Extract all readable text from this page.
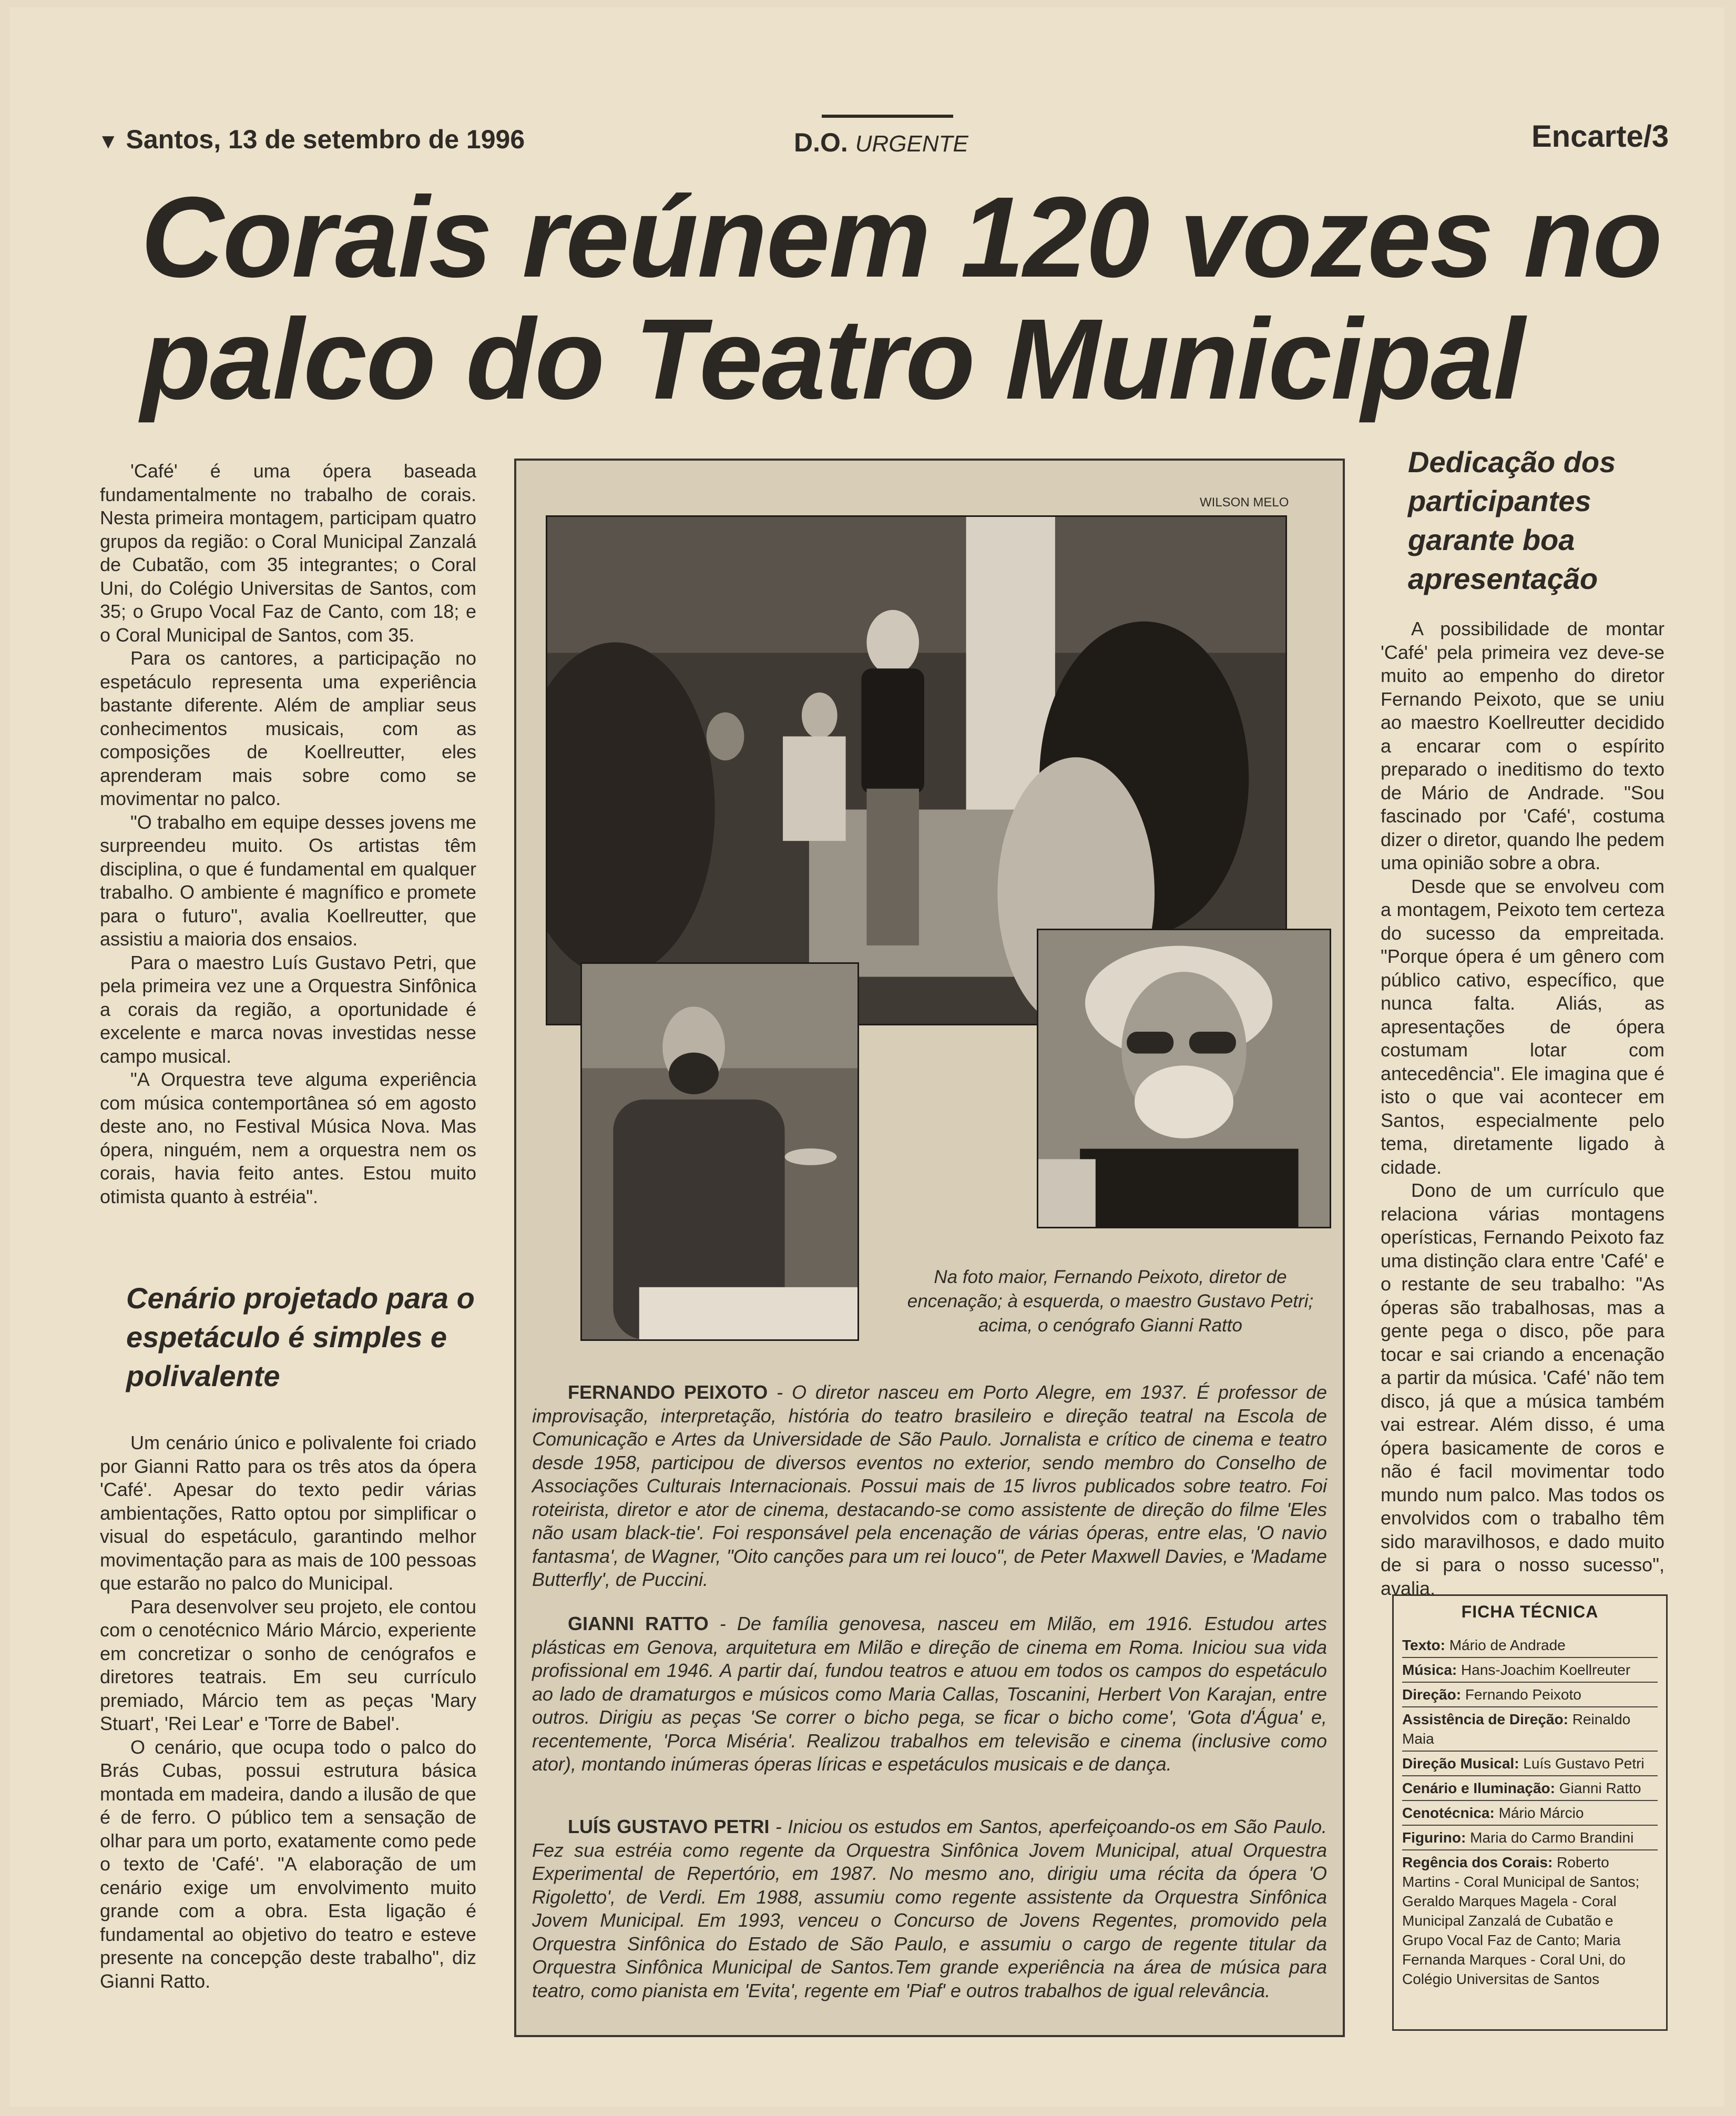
▼ Santos, 13 de setembro de 1996	D.O. URGENTE	Encarte/3
Corais reúnem 120 vozes no
palco do Teatro Municipal

'Café' é uma ópera baseada fundamentalmente no trabalho de corais. Nesta primeira montagem, participam quatro grupos da região: o Coral Municipal Zanzalá de Cubatão, com 35 integrantes; o Coral Uni, do Colégio Universitas de Santos, com 35; o Grupo Vocal Faz de Canto, com 18; e o Coral Municipal de Santos, com 35.

Para os cantores, a participação no espetáculo representa uma experiência bastante diferente. Além de ampliar seus conhecimentos musicais, com as composições de Koellreutter, eles aprenderam mais sobre como se movimentar no palco.

"O trabalho em equipe desses jovens me surpreendeu muito. Os artistas têm disciplina, o que é fundamental em qualquer trabalho. O ambiente é magnífico e promete para o futuro", avalia Koellreutter, que assistiu a maioria dos ensaios.

Para o maestro Luís Gustavo Petri, que pela primeira vez une a Orquestra Sinfônica a corais da região, a oportunidade é excelente e marca novas investidas nesse campo musical.

"A Orquestra teve alguma experiência com música contemportânea só em agosto deste ano, no Festival Música Nova. Mas ópera, ninguém, nem a orquestra nem os corais, havia feito antes. Estou muito otimista quanto à estréia".

Cenário projetado para o espetáculo é simples e polivalente

Um cenário único e polivalente foi criado por Gianni Ratto para os três atos da ópera 'Café'. Apesar do texto pedir várias ambientações, Ratto optou por simplificar o visual do espetáculo, garantindo melhor movimentação para as mais de 100 pessoas que estarão no palco do Municipal.

Para desenvolver seu projeto, ele contou com o cenotécnico Mário Márcio, experiente em concretizar o sonho de cenógrafos e diretores teatrais. Em seu currículo premiado, Márcio tem as peças 'Mary Stuart', 'Rei Lear' e 'Torre de Babel'.

O cenário, que ocupa todo o palco do Brás Cubas, possui estrutura básica montada em madeira, dando a ilusão de que é de ferro. O público tem a sensação de olhar para um porto, exatamente como pede o texto de 'Café'. "A elaboração de um cenário exige um envolvimento muito grande com a obra. Esta ligação é fundamental ao objetivo do teatro e esteve presente na concepção deste trabalho", diz Gianni Ratto.

WILSON MELO
Na foto maior, Fernando Peixoto, diretor de encenação; à esquerda, o maestro Gustavo Petri; acima, o cenógrafo Gianni Ratto
FERNANDO PEIXOTO - O diretor nasceu em Porto Alegre, em 1937. É professor de improvisação, interpretação, história do teatro brasileiro e direção teatral na Escola de Comunicação e Artes da Universidade de São Paulo. Jornalista e crítico de cinema e teatro desde 1958, participou de diversos eventos no exterior, sendo membro do Conselho de Associações Culturais Internacionais. Possui mais de 15 livros publicados sobre teatro. Foi roteirista, diretor e ator de cinema, destacando-se como assistente de direção do filme 'Eles não usam black-tie'. Foi responsável pela encenação de várias óperas, entre elas, 'O navio fantasma', de Wagner, "Oito canções para um rei louco", de Peter Maxwell Davies, e 'Madame Butterfly', de Puccini.
GIANNI RATTO - De família genovesa, nasceu em Milão, em 1916. Estudou artes plásticas em Genova, arquitetura em Milão e direção de cinema em Roma. Iniciou sua vida profissional em 1946. A partir daí, fundou teatros e atuou em todos os campos do espetáculo ao lado de dramaturgos e músicos como Maria Callas, Toscanini, Herbert Von Karajan, entre outros. Dirigiu as peças 'Se correr o bicho pega, se ficar o bicho come', 'Gota d'Água' e, recentemente, 'Porca Miséria'. Realizou trabalhos em televisão e cinema (inclusive como ator), montando inúmeras óperas líricas e espetáculos musicais e de dança.
LUÍS GUSTAVO PETRI - Iniciou os estudos em Santos, aperfeiçoando-os em São Paulo. Fez sua estréia como regente da Orquestra Sinfônica Jovem Municipal, atual Orquestra Experimental de Repertório, em 1987. No mesmo ano, dirigiu uma récita da ópera 'O Rigoletto', de Verdi. Em 1988, assumiu como regente assistente da Orquestra Sinfônica Jovem Municipal. Em 1993, venceu o Concurso de Jovens Regentes, promovido pela Orquestra Sinfônica do Estado de São Paulo, e assumiu o cargo de regente titular da Orquestra Sinfônica Municipal de Santos.Tem grande experiência na área de música para teatro, como pianista em 'Evita', regente em 'Piaf' e outros trabalhos de igual relevância.
Dedicação dos participantes garante boa apresentação

A possibilidade de montar 'Café' pela primeira vez deve-se muito ao empenho do diretor Fernando Peixoto, que se uniu ao maestro Koellreutter decidido a encarar com o espírito preparado o ineditismo do texto de Mário de Andrade. "Sou fascinado por 'Café', costuma dizer o diretor, quando lhe pedem uma opinião sobre a obra.

Desde que se envolveu com a montagem, Peixoto tem certeza do sucesso da empreitada. "Porque ópera é um gênero com público cativo, específico, que nunca falta. Aliás, as apresentações de ópera costumam lotar com antecedência". Ele imagina que é isto o que vai acontecer em Santos, especialmente pelo tema, diretamente ligado à cidade.

Dono de um currículo que relaciona várias montagens operísticas, Fernando Peixoto faz uma distinção clara entre 'Café' e o restante de seu trabalho: "As óperas são trabalhosas, mas a gente pega o disco, põe para tocar e sai criando a encenação a partir da música. 'Café' não tem disco, já que a música também vai estrear. Além disso, é uma ópera basicamente de coros e não é facil movimentar todo mundo num palco. Mas todos os envolvidos com o trabalho têm sido maravilhosos, e dado muito de si para o nosso sucesso", avalia.

FICHA TÉCNICA
Texto: Mário de Andrade
Música: Hans-Joachim Koellreuter
Direção: Fernando Peixoto
Assistência de Direção: Reinaldo Maia
Direção Musical: Luís Gustavo Petri
Cenário e Iluminação: Gianni Ratto
Cenotécnica: Mário Márcio
Figurino: Maria do Carmo Brandini
Regência dos Corais: Roberto Martins - Coral Municipal de Santos; Geraldo Marques Magela - Coral Municipal Zanzalá de Cubatão e Grupo Vocal Faz de Canto; Maria Fernanda Marques - Coral Uni, do Colégio Universitas de Santos
